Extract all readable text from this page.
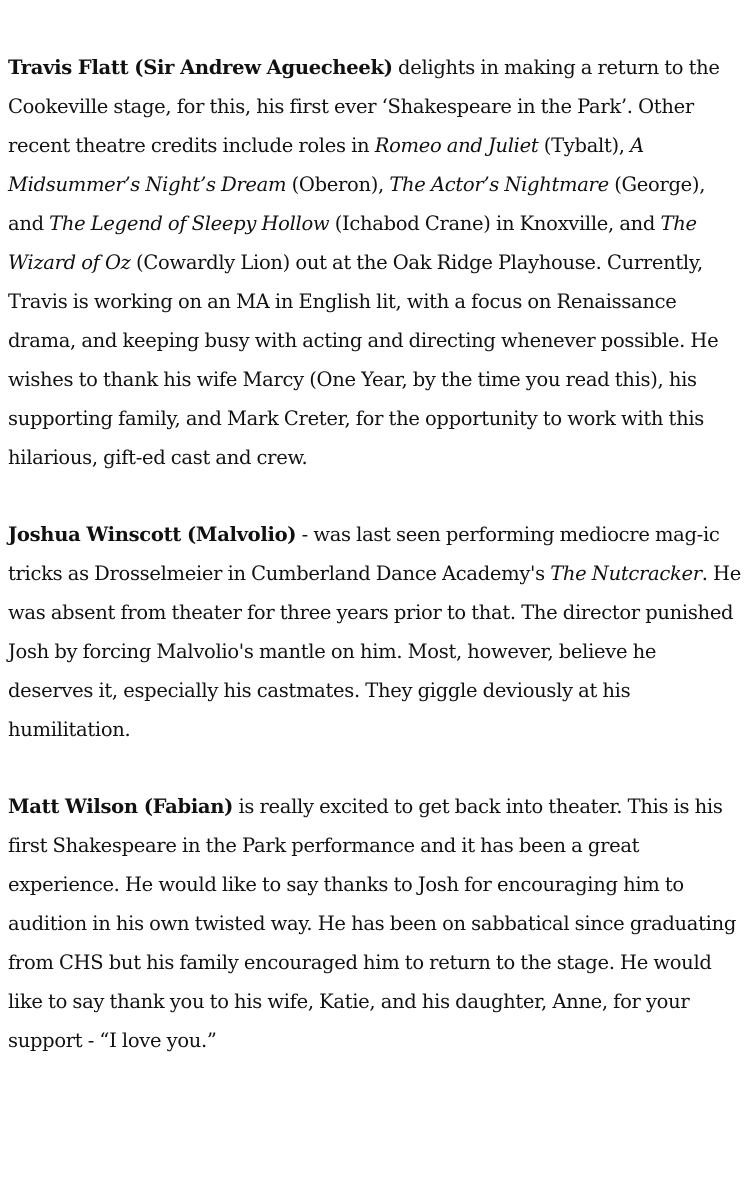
Travis Flatt (Sir Andrew Aguecheek) delights in making a return to the Cookeville stage, for this, his first ever ‘Shakespeare in the Park’. Other recent theatre credits include roles in Romeo and Juliet (Tybalt), A Midsummer’s Night’s Dream (Oberon), The Actor’s Nightmare (George), and The Legend of Sleepy Hollow (Ichabod Crane) in Knoxville, and The Wizard of Oz (Cowardly Lion) out at the Oak Ridge Playhouse. Currently, Travis is working on an MA in English lit, with a focus on Renaissance drama, and keeping busy with acting and directing whenever possible. He wishes to thank his wife Marcy (One Year, by the time you read this), his supporting family, and Mark Creter, for the opportunity to work with this hilarious, gift-ed cast and crew.

Joshua Winscott (Malvolio) - was last seen performing mediocre mag-ic tricks as Drosselmeier in Cumberland Dance Academy's The Nutcracker. He was absent from theater for three years prior to that. The director punished Josh by forcing Malvolio's mantle on him. Most, however, believe he deserves it, especially his castmates. They giggle deviously at his humilitation.

Matt Wilson (Fabian) is really excited to get back into theater. This is his first Shakespeare in the Park performance and it has been a great experience. He would like to say thanks to Josh for encouraging him to audition in his own twisted way. He has been on sabbatical since graduating from CHS but his family encouraged him to return to the stage. He would like to say thank you to his wife, Katie, and his daughter, Anne, for your support - “I love you.”
